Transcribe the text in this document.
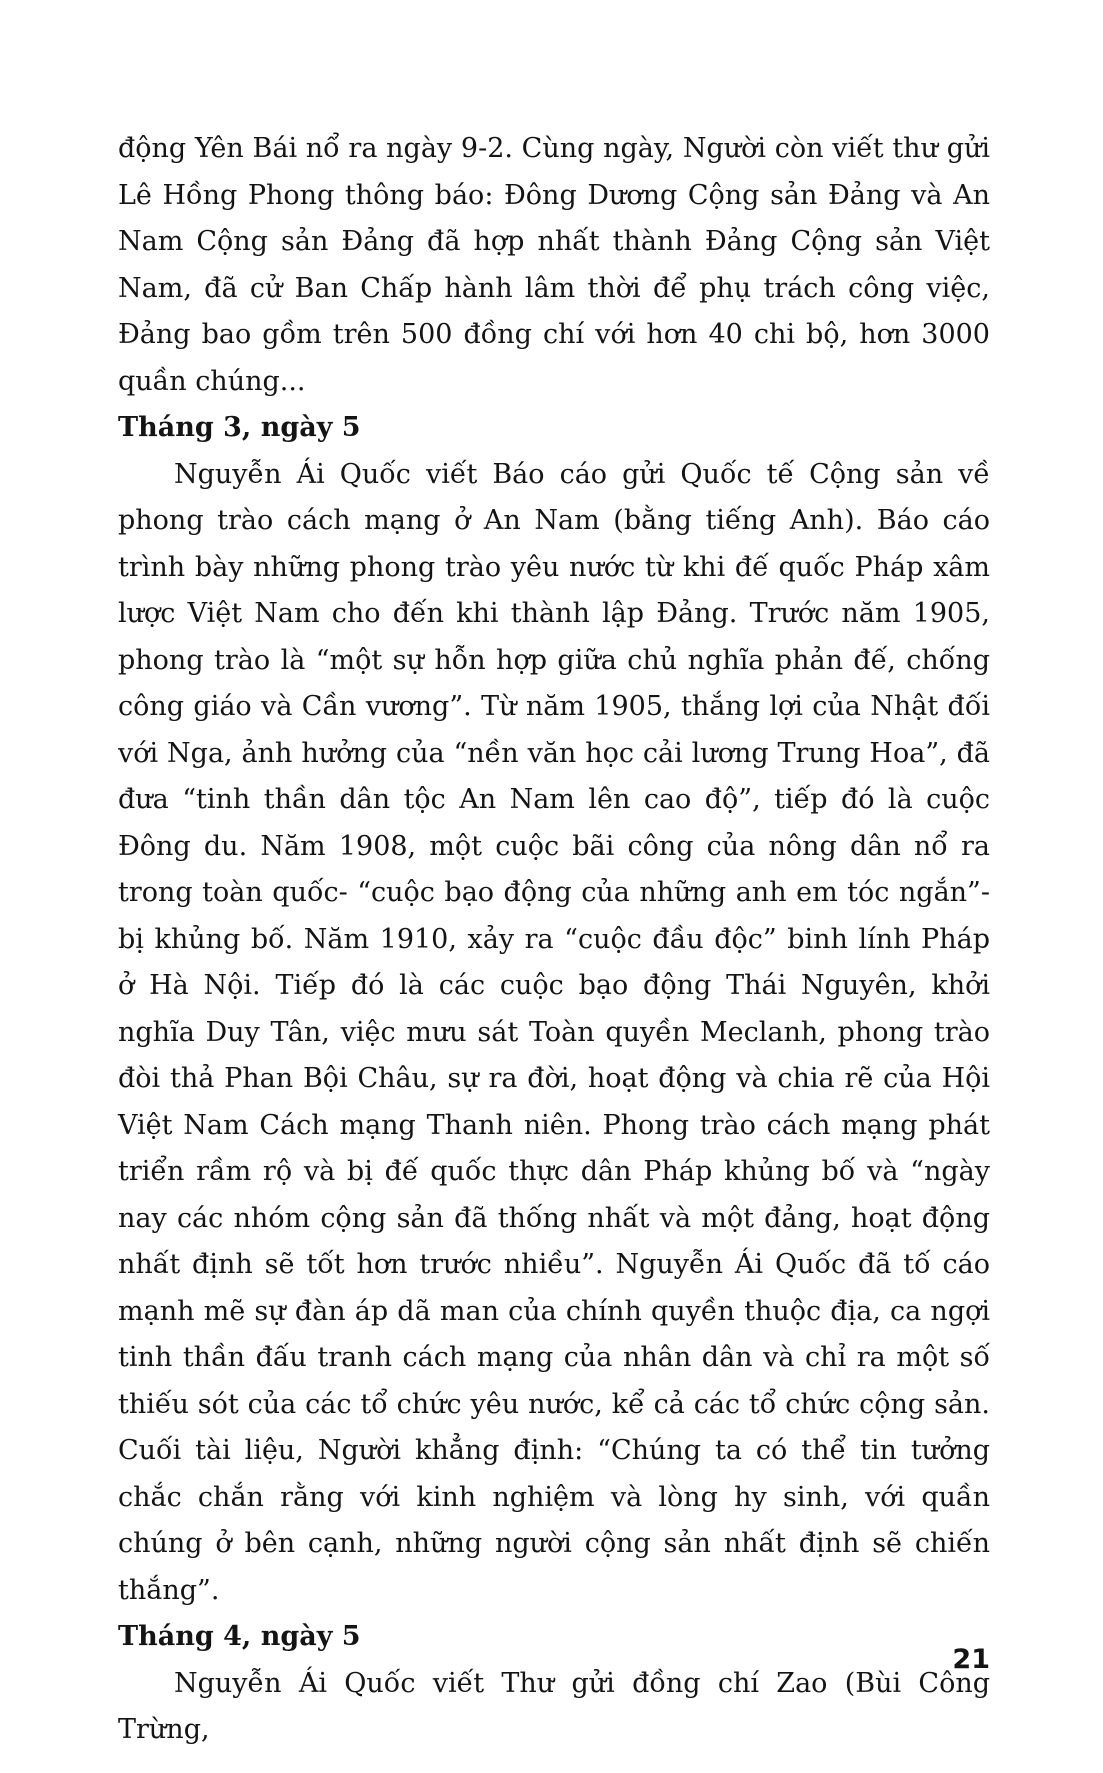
động Yên Bái nổ ra ngày 9-2. Cùng ngày, Người còn viết thư gửi Lê Hồng Phong thông báo: Đông Dương Cộng sản Đảng và An Nam Cộng sản Đảng đã hợp nhất thành Đảng Cộng sản Việt Nam, đã cử Ban Chấp hành lâm thời để phụ trách công việc, Đảng bao gồm trên 500 đồng chí với hơn 40 chi bộ, hơn 3000 quần chúng...

Tháng 3, ngày 5

Nguyễn Ái Quốc viết Báo cáo gửi Quốc tế Cộng sản về phong trào cách mạng ở An Nam (bằng tiếng Anh). Báo cáo trình bày những phong trào yêu nước từ khi đế quốc Pháp xâm lược Việt Nam cho đến khi thành lập Đảng. Trước năm 1905, phong trào là “một sự hỗn hợp giữa chủ nghĩa phản đế, chống công giáo và Cần vương”. Từ năm 1905, thắng lợi của Nhật đối với Nga, ảnh hưởng của “nền văn học cải lương Trung Hoa”, đã đưa “tinh thần dân tộc An Nam lên cao độ”, tiếp đó là cuộc Đông du. Năm 1908, một cuộc bãi công của nông dân nổ ra trong toàn quốc- “cuộc bạo động của những anh em tóc ngắn”- bị khủng bố. Năm 1910, xảy ra “cuộc đầu độc” binh lính Pháp ở Hà Nội. Tiếp đó là các cuộc bạo động Thái Nguyên, khởi nghĩa Duy Tân, việc mưu sát Toàn quyền Meclanh, phong trào đòi thả Phan Bội Châu, sự ra đời, hoạt động và chia rẽ của Hội Việt Nam Cách mạng Thanh niên. Phong trào cách mạng phát triển rầm rộ và bị đế quốc thực dân Pháp khủng bố và “ngày nay các nhóm cộng sản đã thống nhất và một đảng, hoạt động nhất định sẽ tốt hơn trước nhiều”. Nguyễn Ái Quốc đã tố cáo mạnh mẽ sự đàn áp dã man của chính quyền thuộc địa, ca ngợi tinh thần đấu tranh cách mạng của nhân dân và chỉ ra một số thiếu sót của các tổ chức yêu nước, kể cả các tổ chức cộng sản. Cuối tài liệu, Người khẳng định: “Chúng ta có thể tin tưởng chắc chắn rằng với kinh nghiệm và lòng hy sinh, với quần chúng ở bên cạnh, những người cộng sản nhất định sẽ chiến thắng”.

Tháng 4, ngày 5

Nguyễn Ái Quốc viết Thư gửi đồng chí Zao (Bùi Công Trừng,

21
